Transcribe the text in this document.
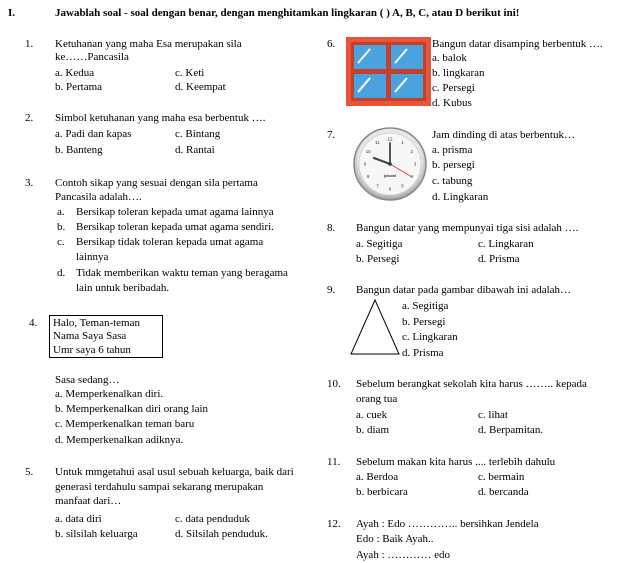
I.	Jawablah soal - soal dengan benar, dengan menghitamkan lingkaran ( ) A, B, C, atau D berikut ini!
1. Ketuhanan yang maha Esa merupakan sila
ke……Pancasila
a. Kedua	c. Keti
b. Pertama	d. Keempat
2. Simbol ketuhanan yang maha esa berbentuk ….
a. Padi dan kapas	c. Bintang
b. Banteng	d. Rantai
3. Contoh sikap yang sesuai dengan sila pertama
Pancasila adalah….
a. Bersikap toleran kepada umat agama lainnya
b. Bersikap toleran kepada umat agama sendiri.
c. Bersikap tidak toleran kepada umat agama
lainnya
d. Tidak memberikan waktu teman yang beragama
lain untuk beribadah.
4. Halo, Teman-teman
Nama Saya Sasa
Umr saya 6 tahun
Sasa sedang…
a. Memperkenalkan diri.
b. Memperkenalkan diri orang lain
c. Memperkenalkan teman baru
d. Memperkenalkan adiknya.
5. Untuk mmgetahui asal usul sebuah keluarga, baik dari
generasi terdahulu sampai sekarang merupakan
manfaat dari…
a. data diri	c. data penduduk
b. silsilah keluarga	d. Silsilah penduduk.
6.	Bangun datar disamping berbentuk ….
a. balok
b. lingkaran
c. Persegi
d. Kubus
7.	12
1
2
3
5
6
7
8
9
10
11
jokowi
Jam dinding di atas berbentuk…
a. prisma
b. persegi
c. tabung
d. Lingkaran
8. Bangun datar yang mempunyai tiga sisi adalah ….
a. Segitiga	c. Lingkaran
b. Persegi	d. Prisma
9. Bangun datar pada gambar dibawah ini adalah…
a. Segitiga
b. Persegi
c. Lingkaran
d. Prisma
10. Sebelum berangkat sekolah kita harus …….. kepada
orang tua
a. cuek	c. lihat
b. diam	d. Berpamitan.
11. Sebelum makan kita harus .... terlebih dahulu
a. Berdoa	c. bermain
b. berbicara	d. bercanda
12. Ayah : Edo ………….. bersihkan Jendela
Edo : Baik Ayah..
Ayah : ………… edo
